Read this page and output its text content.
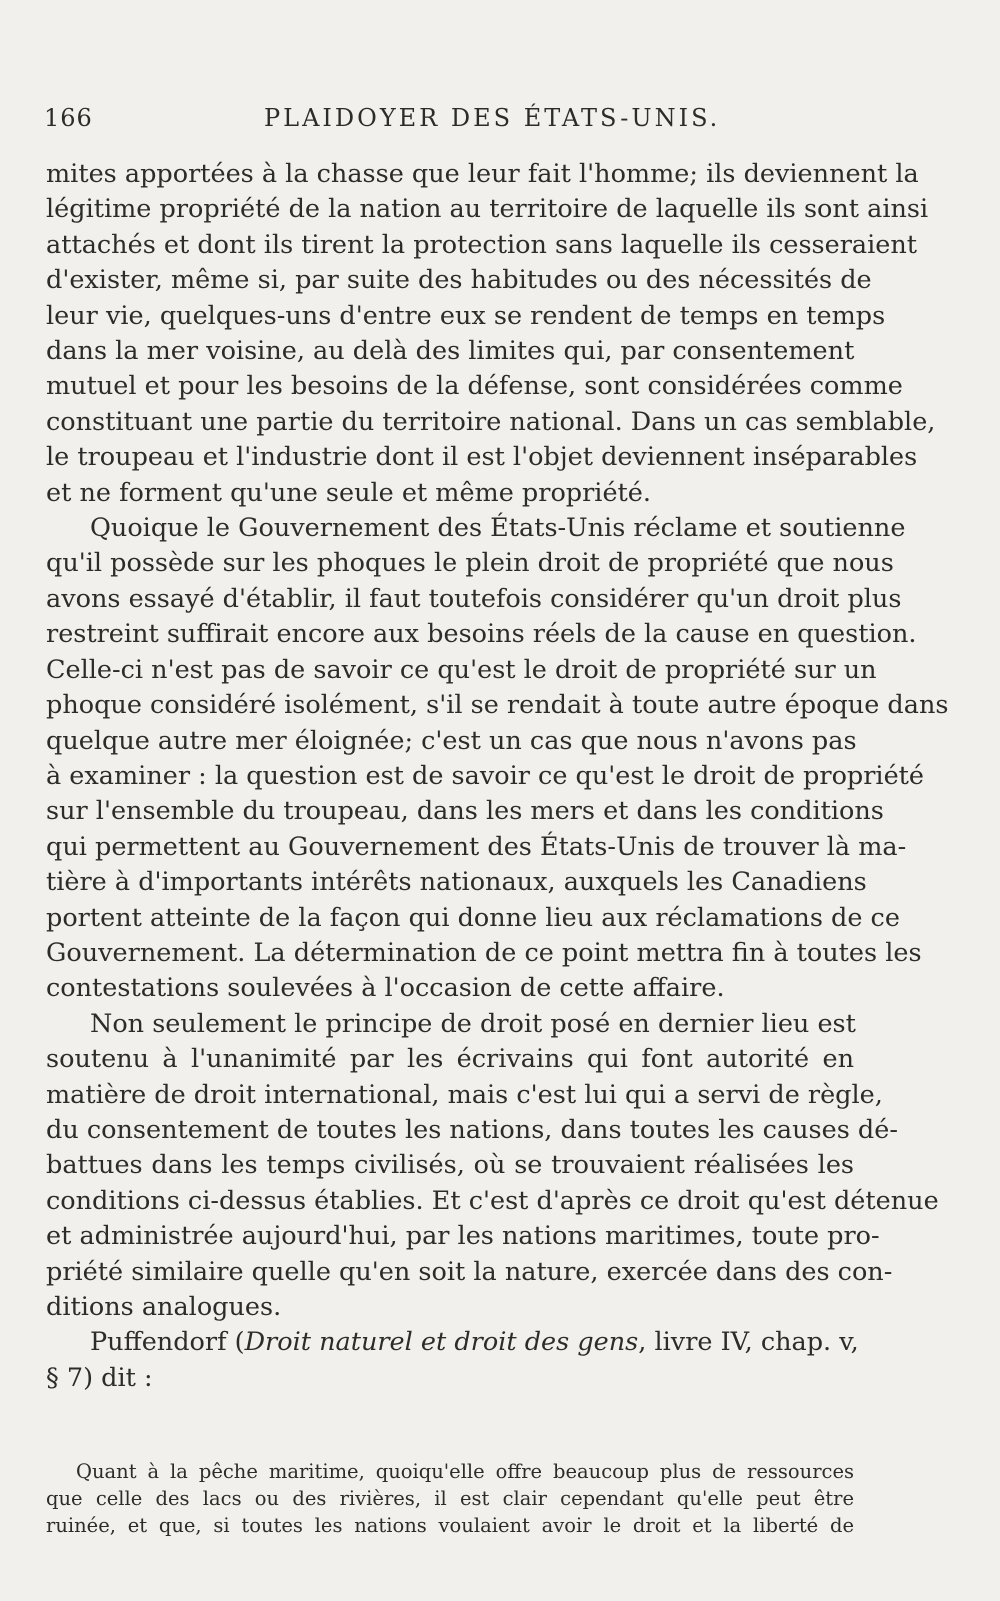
166	PLAIDOYER DES ÉTATS-UNIS.
mites apportées à la chasse que leur fait l'homme; ils deviennent la
légitime propriété de la nation au territoire de laquelle ils sont ainsi
attachés et dont ils tirent la protection sans laquelle ils cesseraient
d'exister, même si, par suite des habitudes ou des nécessités de
leur vie, quelques-uns d'entre eux se rendent de temps en temps
dans la mer voisine, au delà des limites qui, par consentement
mutuel et pour les besoins de la défense, sont considérées comme
constituant une partie du territoire national. Dans un cas semblable,
le troupeau et l'industrie dont il est l'objet deviennent inséparables
et ne forment qu'une seule et même propriété.
Quoique le Gouvernement des États-Unis réclame et soutienne
qu'il possède sur les phoques le plein droit de propriété que nous
avons essayé d'établir, il faut toutefois considérer qu'un droit plus
restreint suffirait encore aux besoins réels de la cause en question.
Celle-ci n'est pas de savoir ce qu'est le droit de propriété sur un
phoque considéré isolément, s'il se rendait à toute autre époque dans
quelque autre mer éloignée; c'est un cas que nous n'avons pas
à examiner : la question est de savoir ce qu'est le droit de propriété
sur l'ensemble du troupeau, dans les mers et dans les conditions
qui permettent au Gouvernement des États-Unis de trouver là ma-
tière à d'importants intérêts nationaux, auxquels les Canadiens
portent atteinte de la façon qui donne lieu aux réclamations de ce
Gouvernement. La détermination de ce point mettra fin à toutes les
contestations soulevées à l'occasion de cette affaire.
Non seulement le principe de droit posé en dernier lieu est
soutenu à l'unanimité par les écrivains qui font autorité en
matière de droit international, mais c'est lui qui a servi de règle,
du consentement de toutes les nations, dans toutes les causes dé-
battues dans les temps civilisés, où se trouvaient réalisées les
conditions ci-dessus établies. Et c'est d'après ce droit qu'est détenue
et administrée aujourd'hui, par les nations maritimes, toute pro-
priété similaire quelle qu'en soit la nature, exercée dans des con-
ditions analogues.
Puffendorf (Droit naturel et droit des gens, livre IV, chap. v,
§ 7) dit :
Quant à la pêche maritime, quoiqu'elle offre beaucoup plus de ressources
que celle des lacs ou des rivières, il est clair cependant qu'elle peut être
ruinée, et que, si toutes les nations voulaient avoir le droit et la liberté de
